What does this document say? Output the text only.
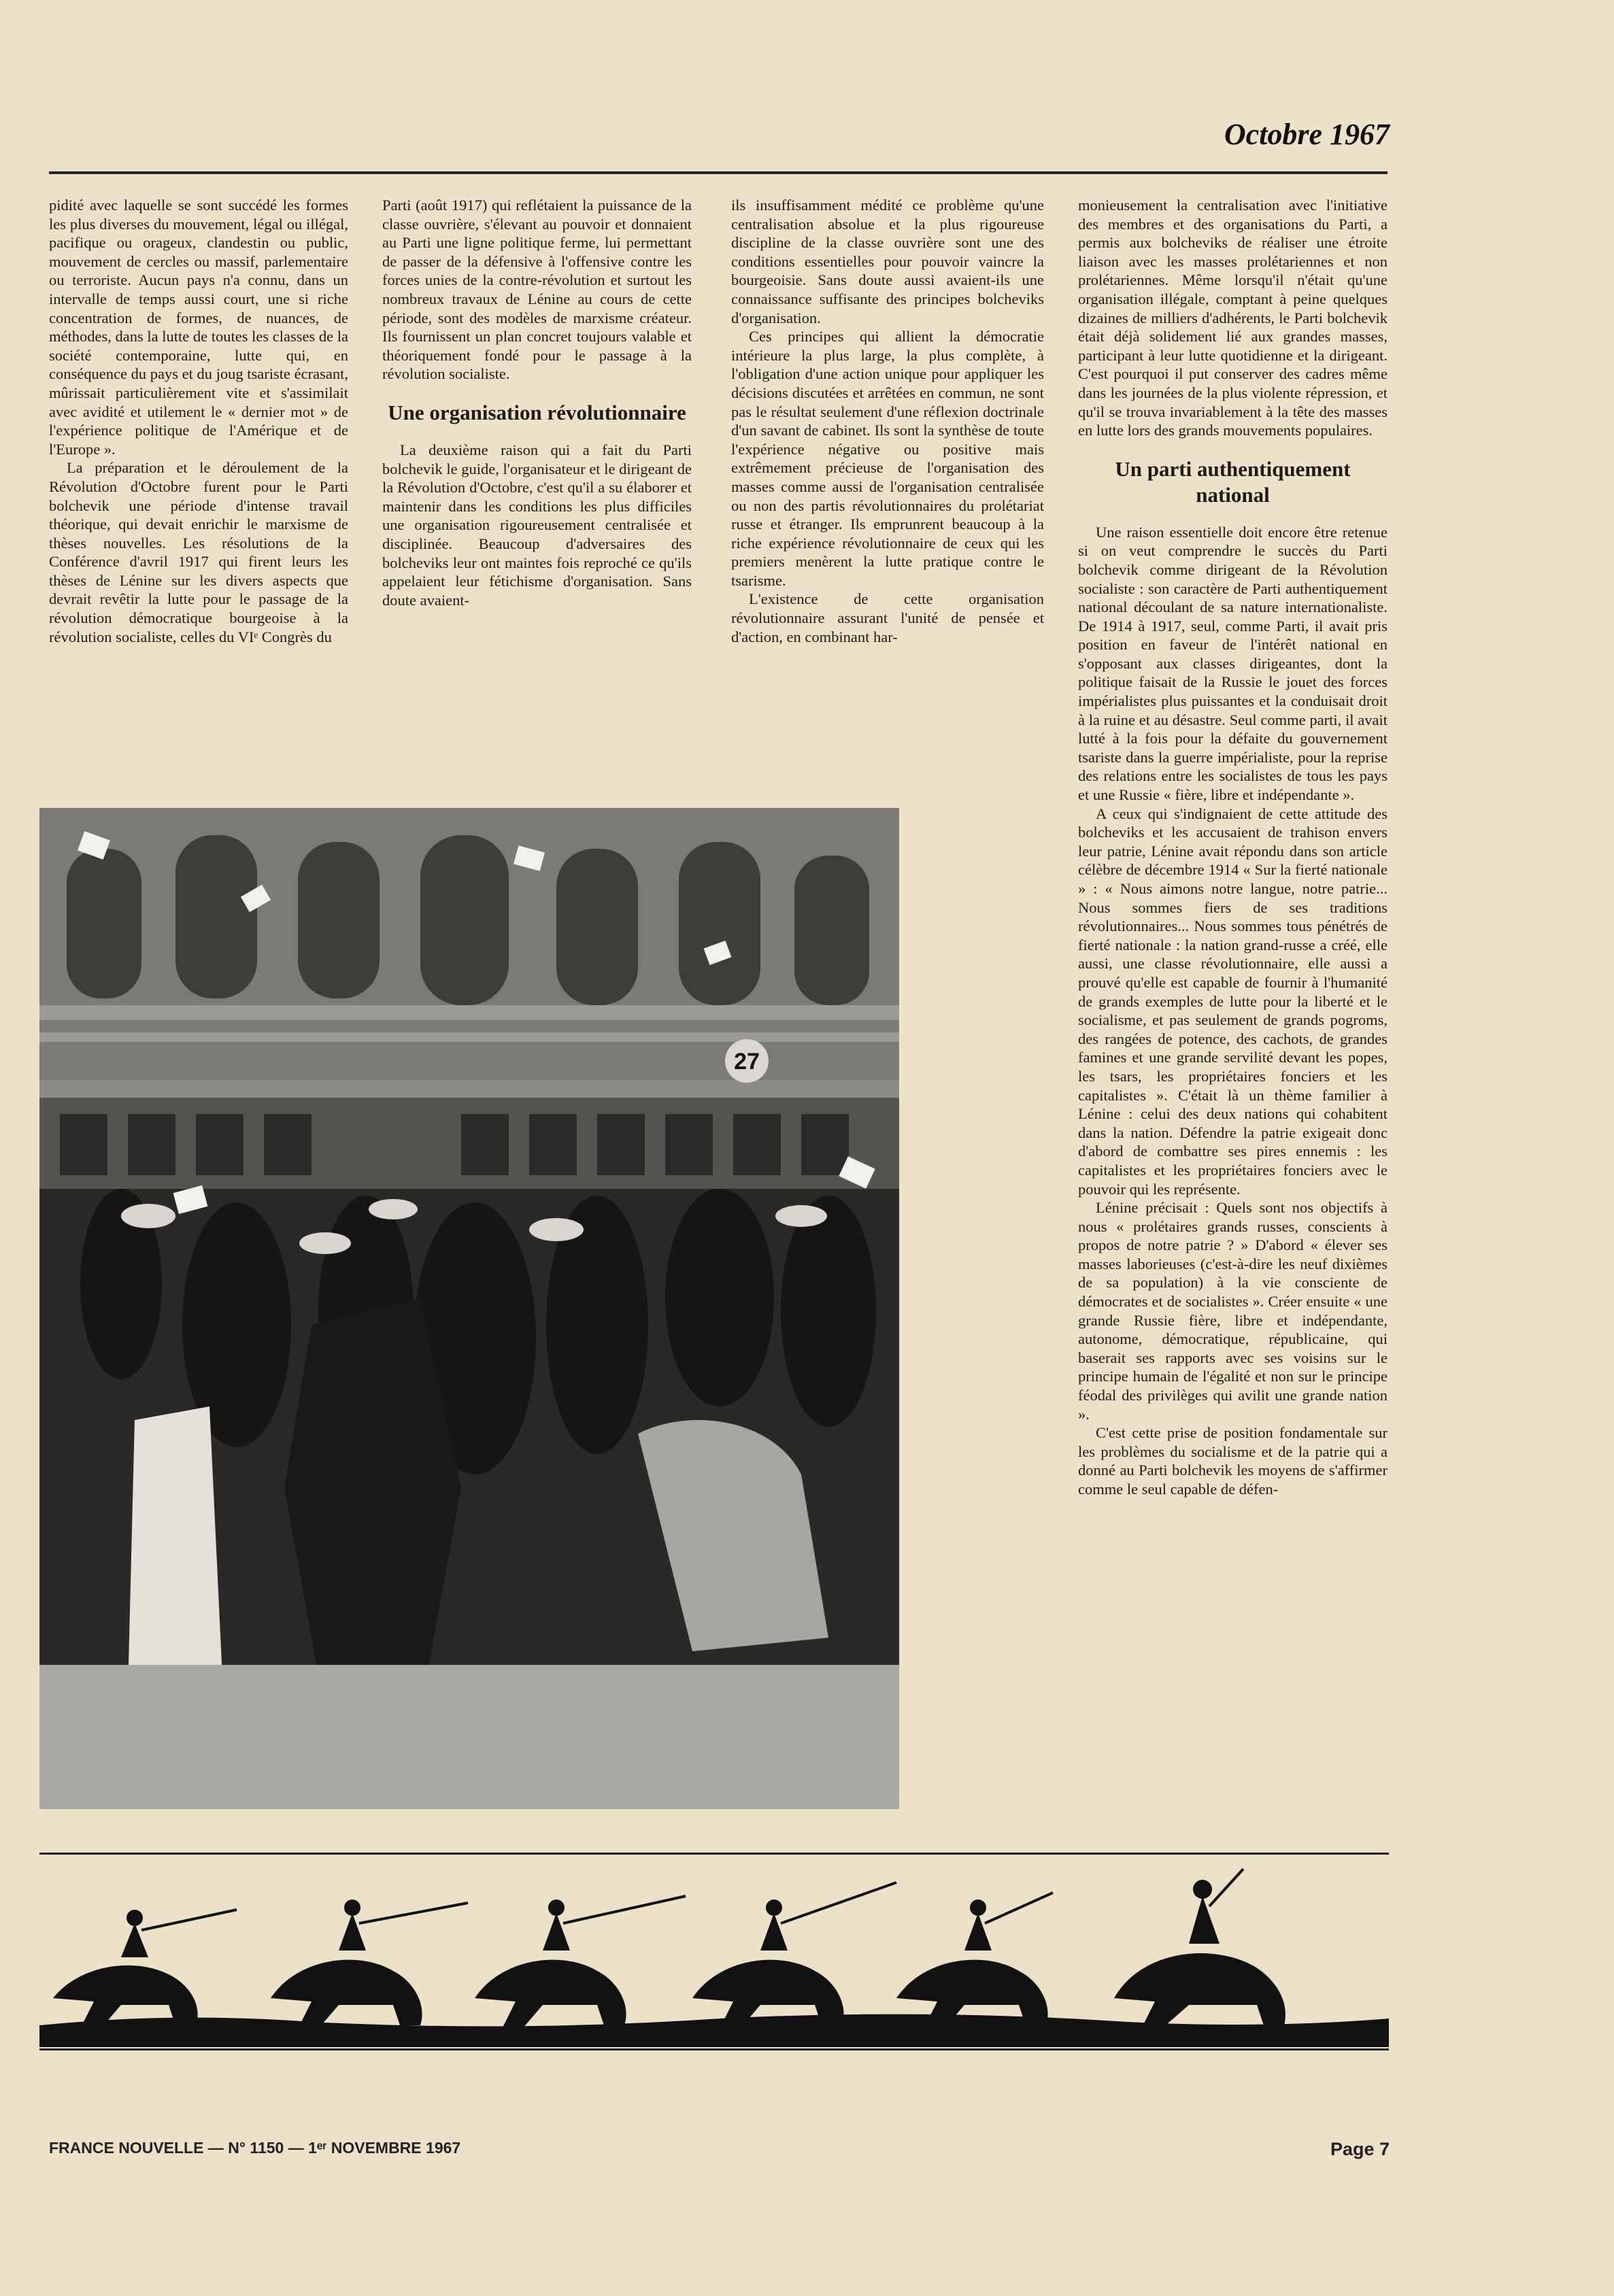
Octobre 1967

pidité avec laquelle se sont succédé les formes les plus diverses du mouvement, légal ou illégal, pacifique ou orageux, clandestin ou public, mouvement de cercles ou massif, parlementaire ou terroriste. Aucun pays n'a connu, dans un intervalle de temps aussi court, une si riche concentration de formes, de nuances, de méthodes, dans la lutte de toutes les classes de la société contemporaine, lutte qui, en conséquence du pays et du joug tsariste écrasant, mûrissait particulièrement vite et s'assimilait avec avidité et utilement le « dernier mot » de l'expérience politique de l'Amérique et de l'Europe ».

La préparation et le déroulement de la Révolution d'Octobre furent pour le Parti bolchevik une période d'intense travail théorique, qui devait enrichir le marxisme de thèses nouvelles. Les résolutions de la Conférence d'avril 1917 qui firent leurs les thèses de Lénine sur les divers aspects que devrait revêtir la lutte pour le passage de la révolution démocratique bourgeoise à la révolution socialiste, celles du VIᵉ Congrès du

Parti (août 1917) qui reflétaient la puissance de la classe ouvrière, s'élevant au pouvoir et donnaient au Parti une ligne politique ferme, lui permettant de passer de la défensive à l'offensive contre les forces unies de la contre-révolution et surtout les nombreux travaux de Lénine au cours de cette période, sont des modèles de marxisme créateur. Ils fournissent un plan concret toujours valable et théoriquement fondé pour le passage à la révolution socialiste.

Une organisation révolutionnaire

La deuxième raison qui a fait du Parti bolchevik le guide, l'organisateur et le dirigeant de la Révolution d'Octobre, c'est qu'il a su élaborer et maintenir dans les conditions les plus difficiles une organisation rigoureusement centralisée et disciplinée. Beaucoup d'adversaires des bolcheviks leur ont maintes fois reproché ce qu'ils appelaient leur fétichisme d'organisation. Sans doute avaient-

ils insuffisamment médité ce problème qu'une centralisation absolue et la plus rigoureuse discipline de la classe ouvrière sont une des conditions essentielles pour pouvoir vaincre la bourgeoisie. Sans doute aussi avaient-ils une connaissance suffisante des principes bolcheviks d'organisation.

Ces principes qui allient la démocratie intérieure la plus large, la plus complète, à l'obligation d'une action unique pour appliquer les décisions discutées et arrêtées en commun, ne sont pas le résultat seulement d'une réflexion doctrinale d'un savant de cabinet. Ils sont la synthèse de toute l'expérience négative ou positive mais extrêmement précieuse de l'organisation des masses comme aussi de l'organisation centralisée ou non des partis révolutionnaires du prolétariat russe et étranger. Ils emprunrent beaucoup à la riche expérience révolutionnaire de ceux qui les premiers menèrent la lutte pratique contre le tsarisme.

L'existence de cette organisation révolutionnaire assurant l'unité de pensée et d'action, en combinant har-

monieusement la centralisation avec l'initiative des membres et des organisations du Parti, a permis aux bolcheviks de réaliser une étroite liaison avec les masses prolétariennes et non prolétariennes. Même lorsqu'il n'était qu'une organisation illégale, comptant à peine quelques dizaines de milliers d'adhérents, le Parti bolchevik était déjà solidement lié aux grandes masses, participant à leur lutte quotidienne et la dirigeant. C'est pourquoi il put conserver des cadres même dans les journées de la plus violente répression, et qu'il se trouva invariablement à la tête des masses en lutte lors des grands mouvements populaires.

Un parti authentiquement national

Une raison essentielle doit encore être retenue si on veut comprendre le succès du Parti bolchevik comme dirigeant de la Révolution socialiste : son caractère de Parti authentiquement national découlant de sa nature internationaliste. De 1914 à 1917, seul, comme Parti, il avait pris position en faveur de l'intérêt national en s'opposant aux classes dirigeantes, dont la politique faisait de la Russie le jouet des forces impérialistes plus puissantes et la conduisait droit à la ruine et au désastre. Seul comme parti, il avait lutté à la fois pour la défaite du gouvernement tsariste dans la guerre impérialiste, pour la reprise des relations entre les socialistes de tous les pays et une Russie « fière, libre et indépendante ».

A ceux qui s'indignaient de cette attitude des bolcheviks et les accusaient de trahison envers leur patrie, Lénine avait répondu dans son article célèbre de décembre 1914 « Sur la fierté nationale » : « Nous aimons notre langue, notre patrie... Nous sommes fiers de ses traditions révolutionnaires... Nous sommes tous pénétrés de fierté nationale : la nation grand-russe a créé, elle aussi, une classe révolutionnaire, elle aussi a prouvé qu'elle est capable de fournir à l'humanité de grands exemples de lutte pour la liberté et le socialisme, et pas seulement de grands pogroms, des rangées de potence, des cachots, de grandes famines et une grande servilité devant les popes, les tsars, les propriétaires fonciers et les capitalistes ». C'était là un thème familier à Lénine : celui des deux nations qui cohabitent dans la nation. Défendre la patrie exigeait donc d'abord de combattre ses pires ennemis : les capitalistes et les propriétaires fonciers avec le pouvoir qui les représente.

Lénine précisait : Quels sont nos objectifs à nous « prolétaires grands russes, conscients à propos de notre patrie ? » D'abord « élever ses masses laborieuses (c'est-à-dire les neuf dixièmes de sa population) à la vie consciente de démocrates et de socialistes ». Créer ensuite « une grande Russie fière, libre et indépendante, autonome, démocratique, républicaine, qui baserait ses rapports avec ses voisins sur le principe humain de l'égalité et non sur le principe féodal des privilèges qui avilit une grande nation ».

C'est cette prise de position fondamentale sur les problèmes du socialisme et de la patrie qui a donné au Parti bolchevik les moyens de s'affirmer comme le seul capable de défen-

27
FRANCE NOUVELLE — N° 1150 — 1ᵉʳ NOVEMBRE 1967	Page 7
